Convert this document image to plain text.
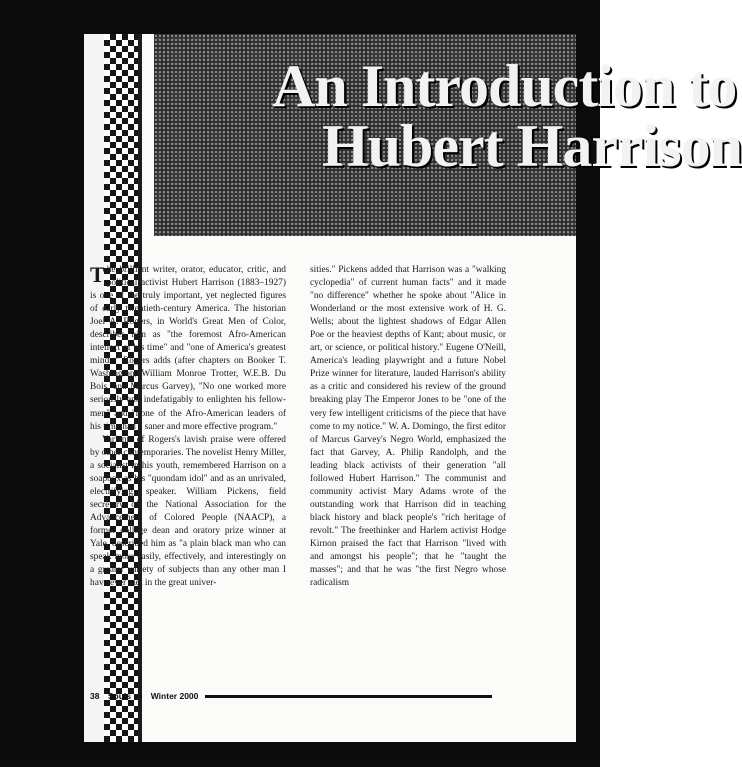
An Introduction to
Hubert Harrison

The brilliant writer, orator, educator, critic, and political activist Hubert Harrison (1883–1927) is one of the truly important, yet neglected figures of early twentieth-century America. The historian Joel A. Rogers, in World's Great Men of Color, describes him as "the foremost Afro-American intellect of his time" and "one of America's greatest minds." Rogers adds (after chapters on Booker T. Washington, William Monroe Trotter, W.E.B. Du Bois, and Marcus Garvey), "No one worked more seriously and indefatigably to enlighten his fellow-men" and "none of the Afro-American leaders of his time had a saner and more effective program."

Variants of Rogers's lavish praise were offered by other contemporaries. The novelist Henry Miller, a socialist in his youth, remembered Harrison on a soapbox as his "quondam idol" and as an unrivaled, electrifying, speaker. William Pickens, field secretary of the National Association for the Advancement of Colored People (NAACP), a former college dean and oratory prize winner at Yale, described him as "a plain black man who can speak more easily, effectively, and interestingly on a greater variety of subjects than any other man I have ever met in the great univer-

sities." Pickens added that Harrison was a "walking cyclopedia" of current human facts" and it made "no difference" whether he spoke about "Alice in Wonderland or the most extensive work of H. G. Wells; about the lightest shadows of Edgar Allen Poe or the heaviest depths of Kant; about music, or art, or science, or political history." Eugene O'Neill, America's leading playwright and a future Nobel Prize winner for literature, lauded Harrison's ability as a critic and considered his review of the ground breaking play The Emperor Jones to be "one of the very few intelligent criticisms of the piece that have come to my notice." W. A. Domingo, the first editor of Marcus Garvey's Negro World, emphasized the fact that Garvey, A. Philip Randolph, and the leading black activists of their generation "all followed Hubert Harrison." The communist and community activist Mary Adams wrote of the outstanding work that Harrison did in teaching black history and black people's "rich heritage of revolt." The freethinker and Harlem activist Hodge Kirnon praised the fact that Harrison "lived with and amongst his people"; that he "taught the masses"; and that he was "the first Negro whose radicalism

38 Souls • Winter 2000
